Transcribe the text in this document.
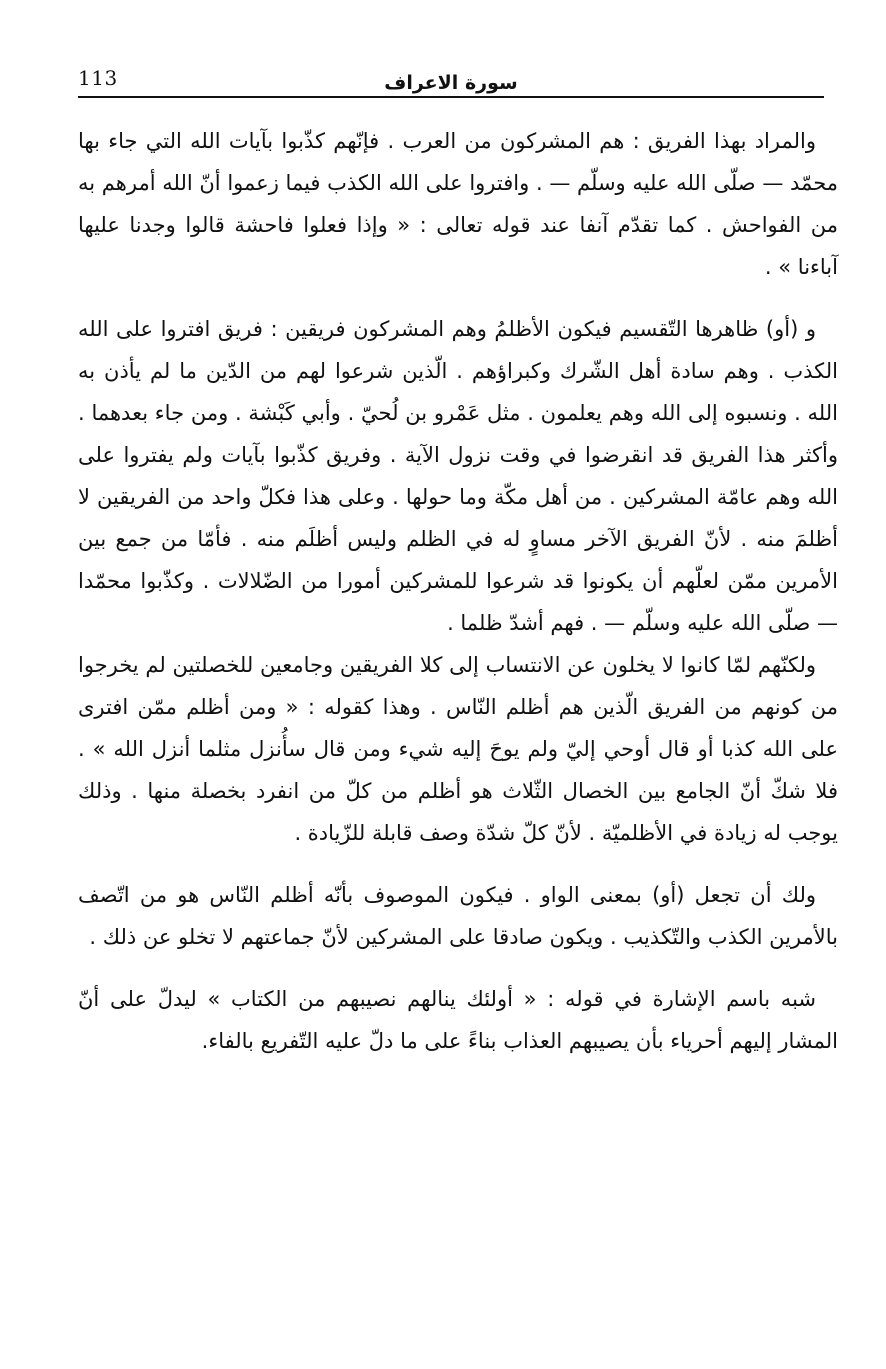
113	سورة الاعراف

والمراد بهذا الفريق : هم المشركون من العرب . فإنّهم كذّبوا بآيات الله التي جاء بها محمّد — صلّى الله عليه وسلّم — . وافتروا على الله الكذب فيما زعموا أنّ الله أمرهم به من الفواحش . كما تقدّم آنفا عند قوله تعالى : « وإذا فعلوا فاحشة قالوا وجدنا عليها آباءنا » .

و (أو) ظاهرها التّقسيم فيكون الأظلمُ وهم المشركون فريقين : فريق افتروا على الله الكذب . وهم سادة أهل الشّرك وكبراؤهم . الّذين شرعوا لهم من الدّين ما لم يأذن به الله . ونسبوه إلى الله وهم يعلمون . مثل عَمْرو بن لُحيّ . وأبي كَبْشة . ومن جاء بعدهما . وأكثر هذا الفريق قد انقرضوا في وقت نزول الآية . وفريق كذّبوا بآيات ولم يفتروا على الله وهم عامّة المشركين . من أهل مكّة وما حولها . وعلى هذا فكلّ واحد من الفريقين لا أظلمَ منه . لأنّ الفريق الآخر مساوٍ له في الظلم وليس أظلَم منه . فأمّا من جمع بين الأمرين ممّن لعلّهم أن يكونوا قد شرعوا للمشركين أمورا من الضّلالات . وكذّبوا محمّدا — صلّى الله عليه وسلّم — . فهم أشدّ ظلما .

ولكنّهم لمّا كانوا لا يخلون عن الانتساب إلى كلا الفريقين وجامعين للخصلتين لم يخرجوا من كونهم من الفريق الّذين هم أظلم النّاس . وهذا كقوله : « ومن أظلم ممّن افترى على الله كذبا أو قال أوحي إليّ ولم يوحَ إليه شيء ومن قال سأُنزل مثلما أنزل الله » . فلا شكّ أنّ الجامع بين الخصال الثّلاث هو أظلم من كلّ من انفرد بخصلة منها . وذلك يوجب له زيادة في الأظلميّة . لأنّ كلّ شدّة وصف قابلة للزّيادة .

ولك أن تجعل (أو) بمعنى الواو . فيكون الموصوف بأنّه أظلم النّاس هو من اتّصف بالأمرين الكذب والتّكذيب . ويكون صادقا على المشركين لأنّ جماعتهم لا تخلو عن ذلك .

شبه باسم الإشارة في قوله : « أولئك ينالهم نصيبهم من الكتاب » ليدلّ على أنّ المشار إليهم أحرياء بأن يصيبهم العذاب بناءً على ما دلّ عليه التّفريع بالفاء.
